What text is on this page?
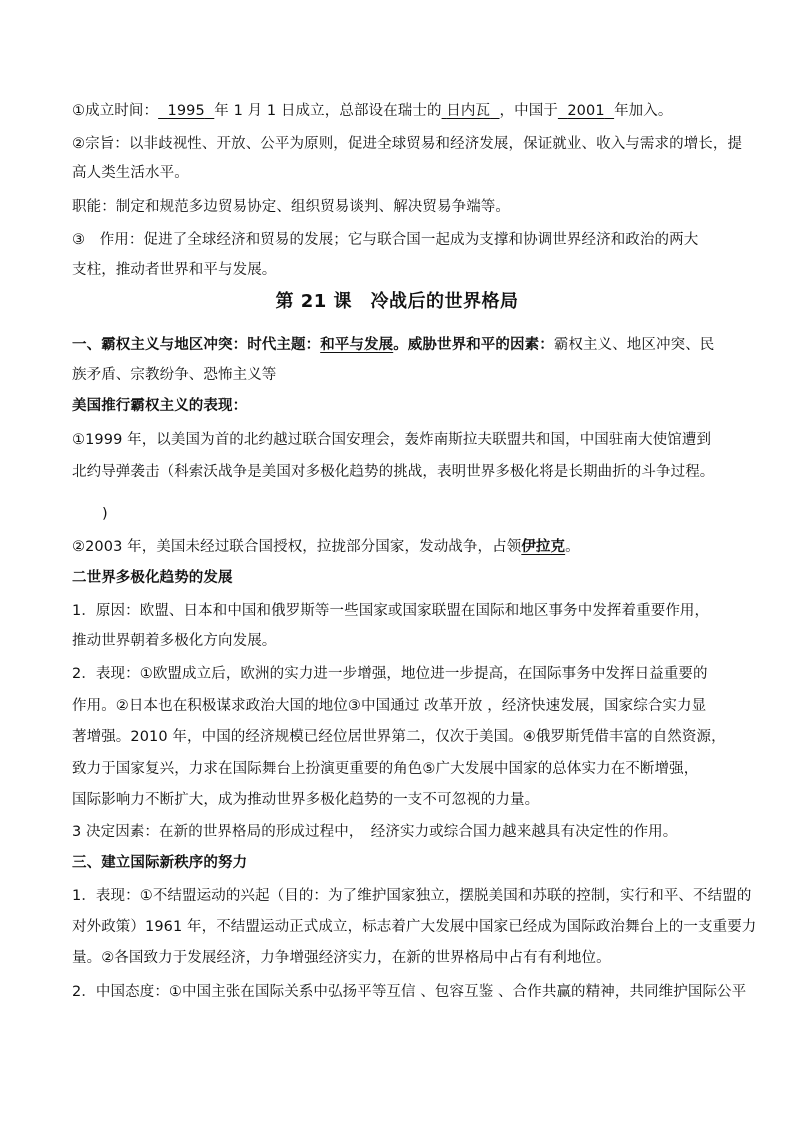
①成立时间： 1995 年 1 月 1 日成立，总部设在瑞士的 日内瓦 ，中国于 2001 年加入。
②宗旨：以非歧视性、开放、公平为原则，促进全球贸易和经济发展，保证就业、收入与需求的增长，提
高人类生活水平。
职能：制定和规范多边贸易协定、组织贸易谈判、解决贸易争端等。
③　作用：促进了全球经济和贸易的发展；它与联合国一起成为支撑和协调世界经济和政治的两大
支柱，推动者世界和平与发展。
第 21 课　冷战后的世界格局
一、霸权主义与地区冲突：时代主题：和平与发展。威胁世界和平的因素：霸权主义、地区冲突、民
族矛盾、宗教纷争、恐怖主义等
美国推行霸权主义的表现：
①1999 年，以美国为首的北约越过联合国安理会，轰炸南斯拉夫联盟共和国，中国驻南大使馆遭到
北约导弹袭击（科索沃战争是美国对多极化趋势的挑战，表明世界多极化将是长期曲折的斗争过程。
)
②2003 年，美国未经过联合国授权，拉拢部分国家，发动战争，占领伊拉克。
二世界多极化趋势的发展
1．原因：欧盟、日本和中国和俄罗斯等一些国家或国家联盟在国际和地区事务中发挥着重要作用，
推动世界朝着多极化方向发展。
2．表现：①欧盟成立后，欧洲的实力进一步增强，地位进一步提高，在国际事务中发挥日益重要的
作用。②日本也在积极谋求政治大国的地位③中国通过 改革开放 ，经济快速发展，国家综合实力显
著增强。2010 年，中国的经济规模已经位居世界第二，仅次于美国。④俄罗斯凭借丰富的自然资源，
致力于国家复兴，力求在国际舞台上扮演更重要的角色⑤广大发展中国家的总体实力在不断增强，
国际影响力不断扩大，成为推动世界多极化趋势的一支不可忽视的力量。
3 决定因素：在新的世界格局的形成过程中，　经济实力或综合国力越来越具有决定性的作用。
三、建立国际新秩序的努力
1．表现：①不结盟运动的兴起（目的：为了维护国家独立，摆脱美国和苏联的控制，实行和平、不结盟的
对外政策）1961 年，不结盟运动正式成立，标志着广大发展中国家已经成为国际政治舞台上的一支重要力
量。②各国致力于发展经济，力争增强经济实力，在新的世界格局中占有有利地位。
2．中国态度：①中国主张在国际关系中弘扬平等互信 、包容互鉴 、合作共赢的精神，共同维护国际公平
